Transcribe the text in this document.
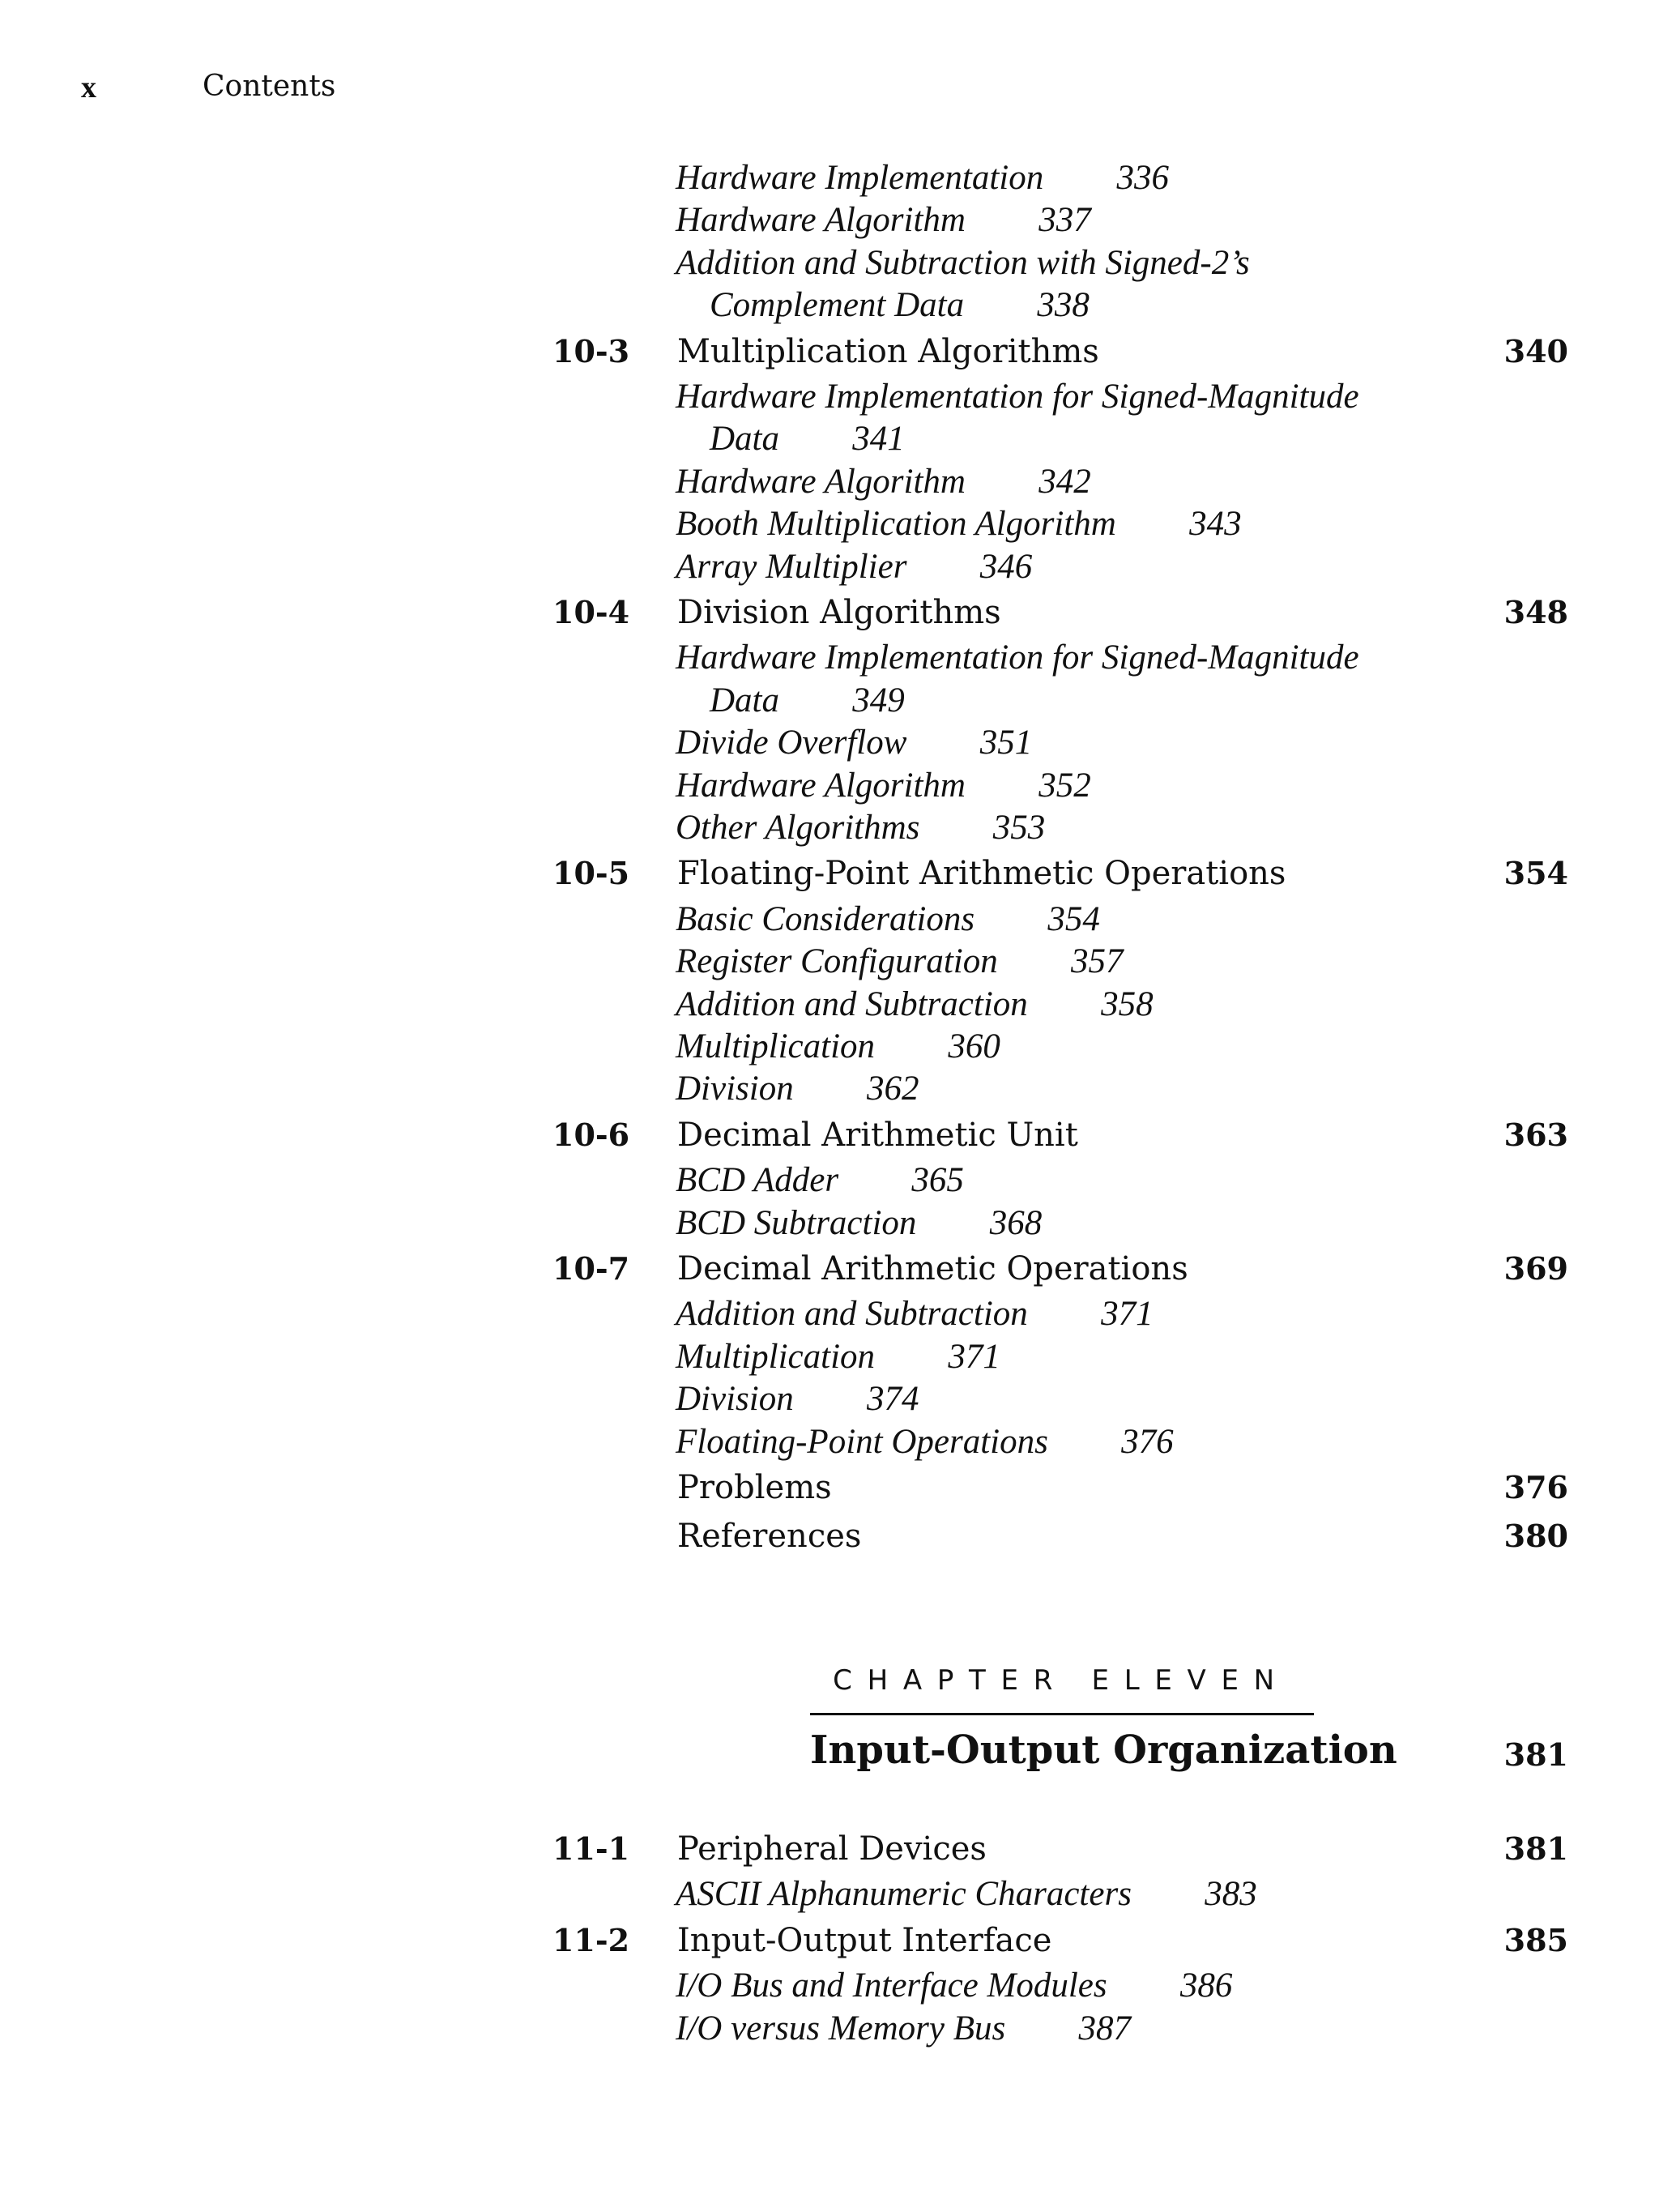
x	Contents
Hardware Implementation 336
Hardware Algorithm 337
Addition and Subtraction with Signed-2’s
Complement Data 338
10-3 Multiplication Algorithms	340
Hardware Implementation for Signed-Magnitude
Data 341
Hardware Algorithm 342
Booth Multiplication Algorithm 343
Array Multiplier 346
10-4 Division Algorithms	348
Hardware Implementation for Signed-Magnitude
Data 349
Divide Overflow 351
Hardware Algorithm 352
Other Algorithms 353
10-5 Floating-Point Arithmetic Operations	354
Basic Considerations 354
Register Configuration 357
Addition and Subtraction 358
Multiplication 360
Division 362
10-6 Decimal Arithmetic Unit	363
BCD Adder 365
BCD Subtraction 368
10-7 Decimal Arithmetic Operations	369
Addition and Subtraction 371
Multiplication 371
Division 374
Floating-Point Operations 376
Problems	376
References	380
CHAPTER ELEVEN
Input-Output Organization	381
11-1 Peripheral Devices	381
ASCII Alphanumeric Characters 383
11-2 Input-Output Interface	385
I/O Bus and Interface Modules 386
I/O versus Memory Bus 387
